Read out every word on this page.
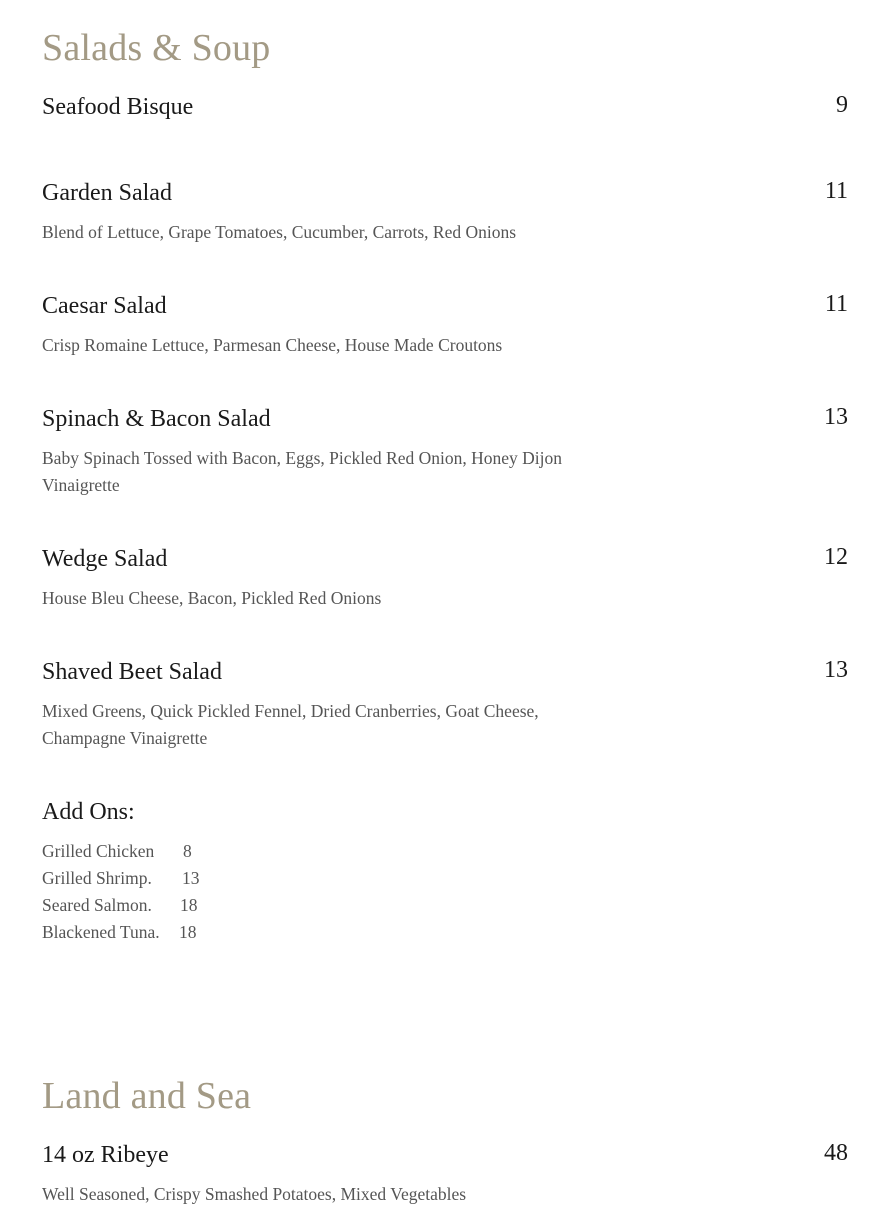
Salads & Soup
Seafood Bisque	9
Garden Salad	11
Blend of Lettuce, Grape Tomatoes, Cucumber, Carrots, Red Onions
Caesar Salad	11
Crisp Romaine Lettuce, Parmesan Cheese, House Made Croutons
Spinach & Bacon Salad	13
Baby Spinach Tossed with Bacon, Eggs, Pickled Red Onion, Honey Dijon Vinaigrette
Wedge Salad	12
House Bleu Cheese, Bacon, Pickled Red Onions
Shaved Beet Salad	13
Mixed Greens, Quick Pickled Fennel, Dried Cranberries, Goat Cheese, Champagne Vinaigrette
Add Ons:
Grilled Chicken 8
Grilled Shrimp. 13
Seared Salmon. 18
Blackened Tuna. 18
Land and Sea
14 oz Ribeye	48
Well Seasoned, Crispy Smashed Potatoes, Mixed Vegetables
